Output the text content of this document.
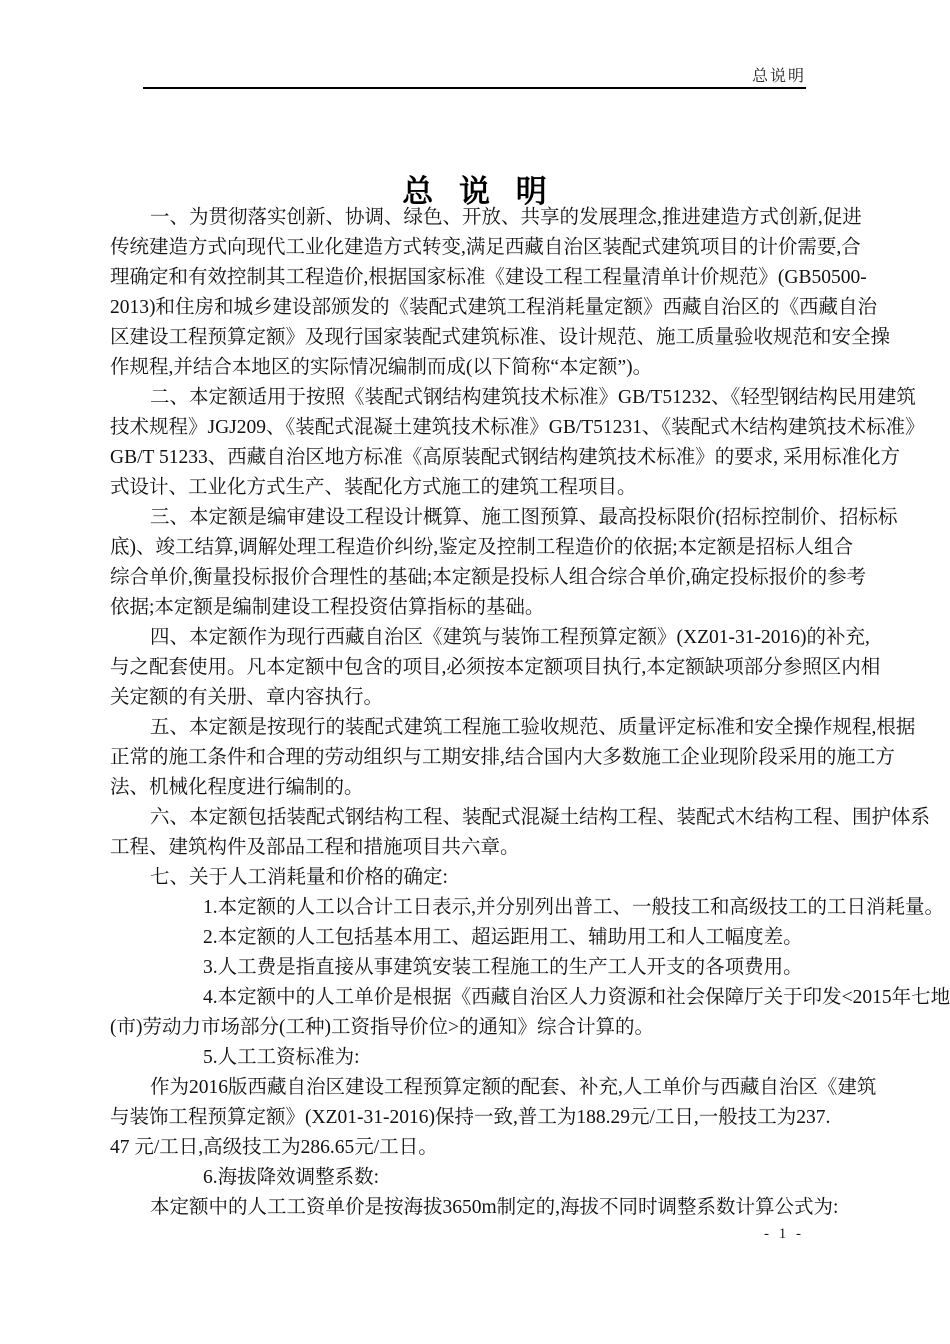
总说明
总 说 明
一、为贯彻落实创新、协调、绿色、开放、共享的发展理念,推进建造方式创新,促进
传统建造方式向现代工业化建造方式转变,满足西藏自治区装配式建筑项目的计价需要,合
理确定和有效控制其工程造价,根据国家标准《建设工程工程量清单计价规范》(GB50500-
2013)和住房和城乡建设部颁发的《装配式建筑工程消耗量定额》西藏自治区的《西藏自治
区建设工程预算定额》及现行国家装配式建筑标准、设计规范、施工质量验收规范和安全操
作规程,并结合本地区的实际情况编制而成(以下简称“本定额”)。
二、本定额适用于按照《装配式钢结构建筑技术标准》GB/T51232、《轻型钢结构民用建筑
技术规程》JGJ209、《装配式混凝土建筑技术标准》GB/T51231、《装配式木结构建筑技术标准》
GB/T 51233、西藏自治区地方标准《高原装配式钢结构建筑技术标准》的要求, 采用标准化方
式设计、工业化方式生产、装配化方式施工的建筑工程项目。
三、本定额是编审建设工程设计概算、施工图预算、最高投标限价(招标控制价、招标标
底)、竣工结算,调解处理工程造价纠纷,鉴定及控制工程造价的依据;本定额是招标人组合
综合单价,衡量投标报价合理性的基础;本定额是投标人组合综合单价,确定投标报价的参考
依据;本定额是编制建设工程投资估算指标的基础。
四、本定额作为现行西藏自治区《建筑与装饰工程预算定额》(XZ01-31-2016)的补充,
与之配套使用。凡本定额中包含的项目,必须按本定额项目执行,本定额缺项部分参照区内相
关定额的有关册、章内容执行。
五、本定额是按现行的装配式建筑工程施工验收规范、质量评定标准和安全操作规程,根据
正常的施工条件和合理的劳动组织与工期安排,结合国内大多数施工企业现阶段采用的施工方
法、机械化程度进行编制的。
六、本定额包括装配式钢结构工程、装配式混凝土结构工程、装配式木结构工程、围护体系
工程、建筑构件及部品工程和措施项目共六章。
七、关于人工消耗量和价格的确定:
1.本定额的人工以合计工日表示,并分别列出普工、一般技工和高级技工的工日消耗量。
2.本定额的人工包括基本用工、超运距用工、辅助用工和人工幅度差。
3.人工费是指直接从事建筑安装工程施工的生产工人开支的各项费用。
4.本定额中的人工单价是根据《西藏自治区人力资源和社会保障厅关于印发<2015年七地
(市)劳动力市场部分(工种)工资指导价位>的通知》综合计算的。
5.人工工资标准为:
作为2016版西藏自治区建设工程预算定额的配套、补充,人工单价与西藏自治区《建筑
与装饰工程预算定额》(XZ01-31-2016)保持一致,普工为188.29元/工日,一般技工为237.
47 元/工日,高级技工为286.65元/工日。
6.海拔降效调整系数:
本定额中的人工工资单价是按海拔3650m制定的,海拔不同时调整系数计算公式为:
- 1 -
